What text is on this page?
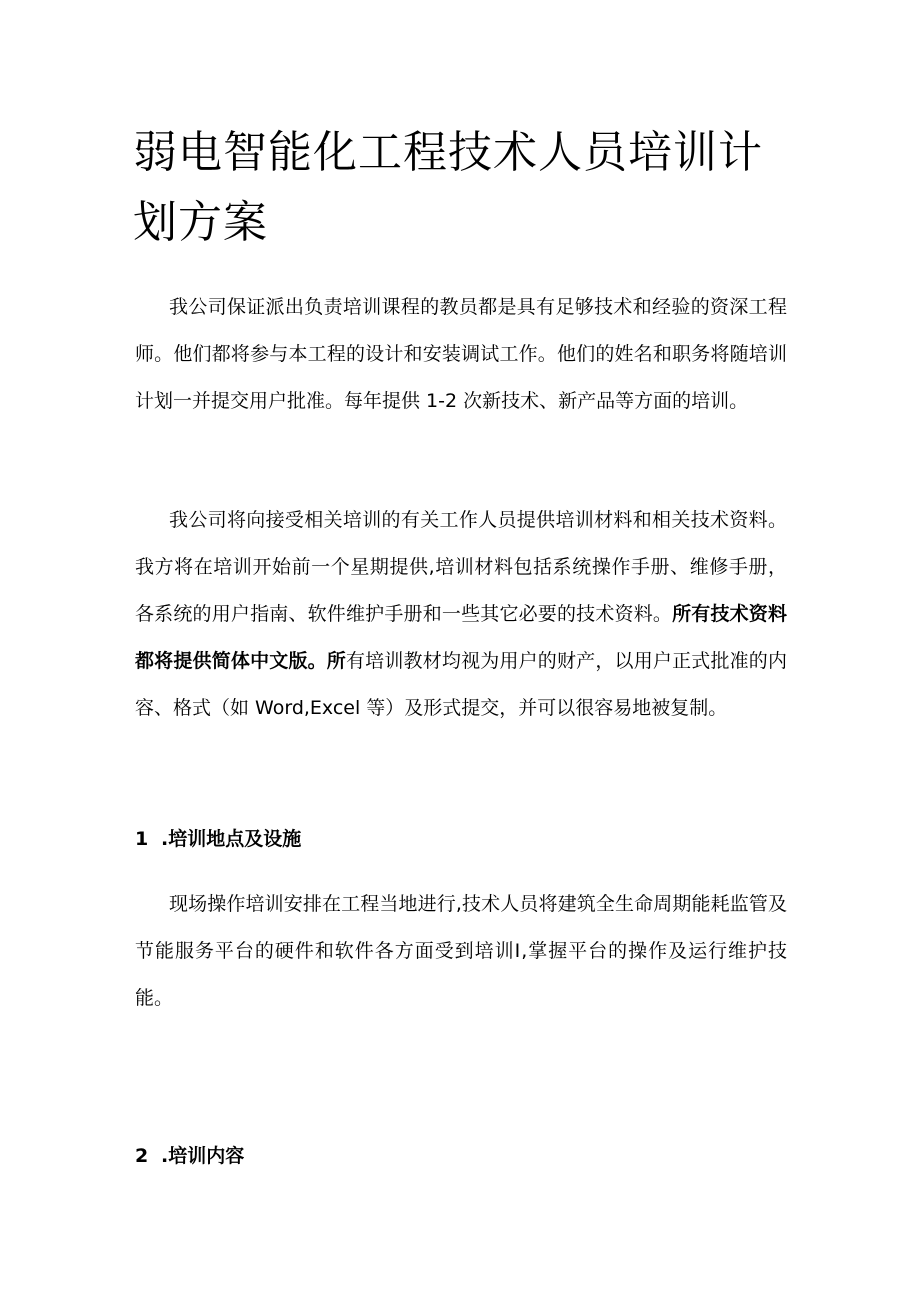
弱电智能化工程技术人员培训计划方案

我公司保证派出负责培训课程的教员都是具有足够技术和经验的资深工程师。他们都将参与本工程的设计和安装调试工作。他们的姓名和职务将随培训计划一并提交用户批准。每年提供 1-2 次新技术、新产品等方面的培训。

我公司将向接受相关培训的有关工作人员提供培训材料和相关技术资料。我方将在培训开始前一个星期提供,培训材料包括系统操作手册、维修手册，各系统的用户指南、软件维护手册和一些其它必要的技术资料。所有技术资料都将提供简体中文版。所有培训教材均视为用户的财产，以用户正式批准的内容、格式（如 Word,Excel 等）及形式提交，并可以很容易地被复制。

1 .培训地点及设施

现场操作培训安排在工程当地进行,技术人员将建筑全生命周期能耗监管及节能服务平台的硬件和软件各方面受到培训Ⅰ,掌握平台的操作及运行维护技能。

2 .培训内容
